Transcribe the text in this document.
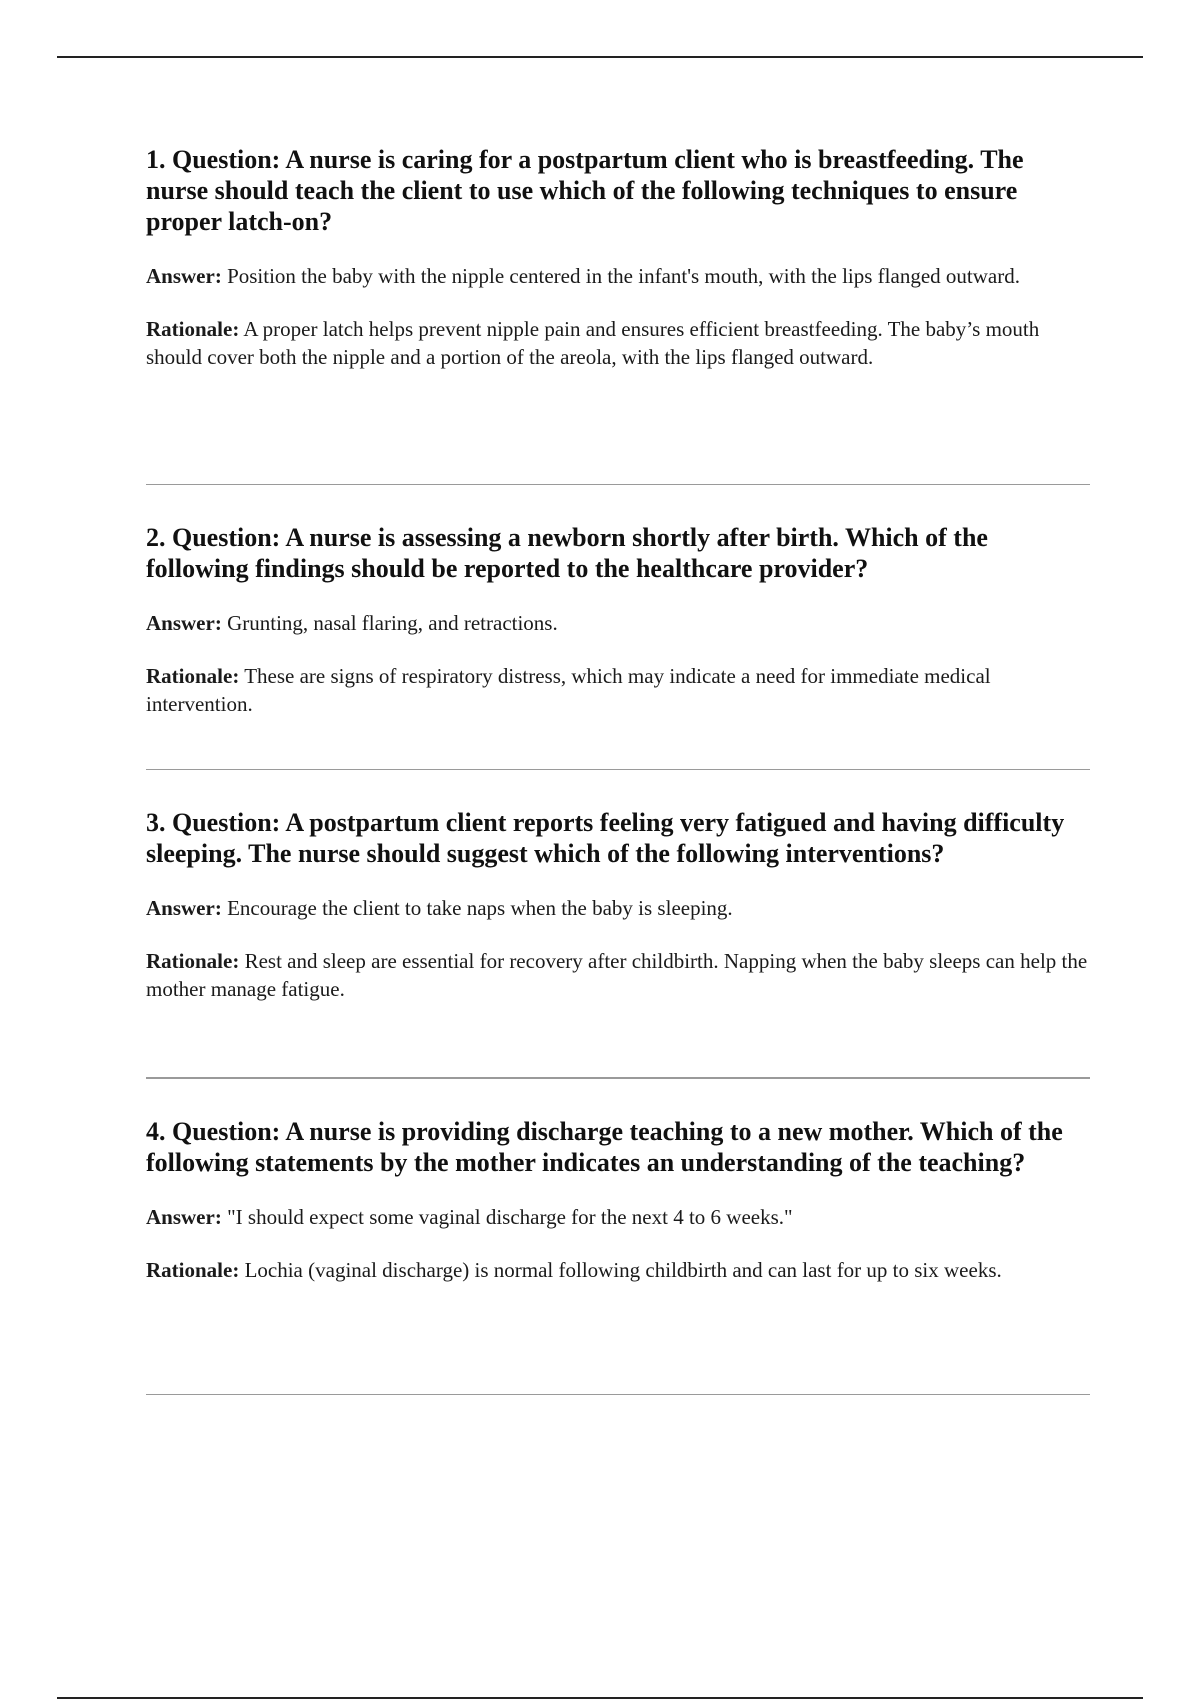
1. Question: A nurse is caring for a postpartum client who is breastfeeding. The nurse should teach the client to use which of the following techniques to ensure proper latch-on?

Answer: Position the baby with the nipple centered in the infant's mouth, with the lips flanged outward.

Rationale: A proper latch helps prevent nipple pain and ensures efficient breastfeeding. The baby’s mouth should cover both the nipple and a portion of the areola, with the lips flanged outward.

2. Question: A nurse is assessing a newborn shortly after birth. Which of the following findings should be reported to the healthcare provider?

Answer: Grunting, nasal flaring, and retractions.

Rationale: These are signs of respiratory distress, which may indicate a need for immediate medical intervention.

3. Question: A postpartum client reports feeling very fatigued and having difficulty sleeping. The nurse should suggest which of the following interventions?

Answer: Encourage the client to take naps when the baby is sleeping.

Rationale: Rest and sleep are essential for recovery after childbirth. Napping when the baby sleeps can help the mother manage fatigue.

4. Question: A nurse is providing discharge teaching to a new mother. Which of the following statements by the mother indicates an understanding of the teaching?

Answer: "I should expect some vaginal discharge for the next 4 to 6 weeks."

Rationale: Lochia (vaginal discharge) is normal following childbirth and can last for up to six weeks.
